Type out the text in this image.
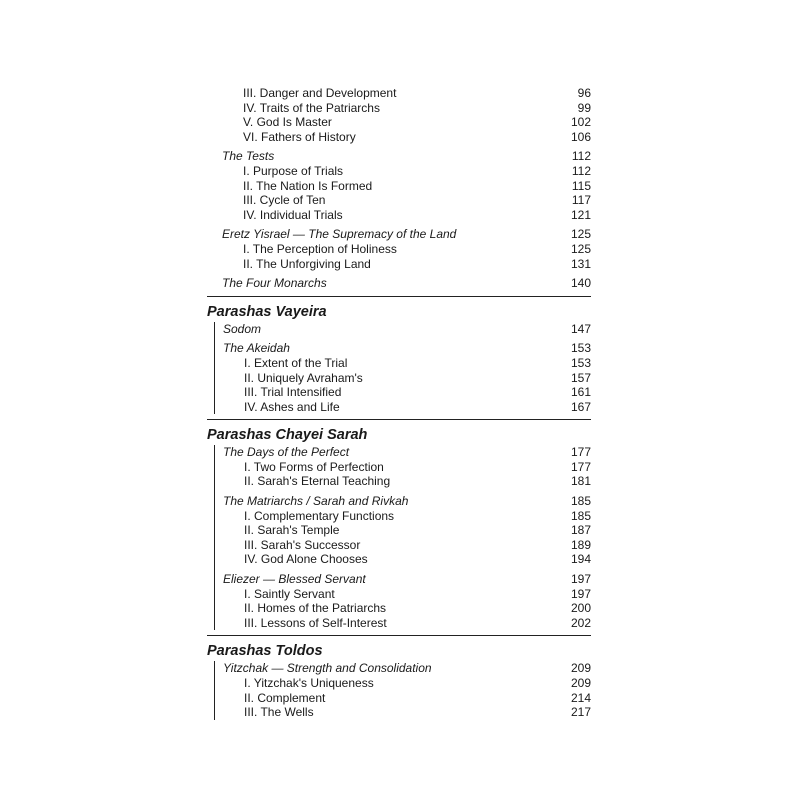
III. Danger and Development	96
IV. Traits of the Patriarchs	99
V. God Is Master	102
VI. Fathers of History	106
The Tests	112
I. Purpose of Trials	112
II. The Nation Is Formed	115
III. Cycle of Ten	117
IV. Individual Trials	121
Eretz Yisrael — The Supremacy of the Land	125
I. The Perception of Holiness	125
II. The Unforgiving Land	131
The Four Monarchs	140
Parashas Vayeira
Sodom	147
The Akeidah	153
I. Extent of the Trial	153
II. Uniquely Avraham's	157
III. Trial Intensified	161
IV. Ashes and Life	167
Parashas Chayei Sarah
The Days of the Perfect	177
I. Two Forms of Perfection	177
II. Sarah's Eternal Teaching	181
The Matriarchs / Sarah and Rivkah	185
I. Complementary Functions	185
II. Sarah's Temple	187
III. Sarah's Successor	189
IV. God Alone Chooses	194
Eliezer — Blessed Servant	197
I. Saintly Servant	197
II. Homes of the Patriarchs	200
III. Lessons of Self-Interest	202
Parashas Toldos
Yitzchak — Strength and Consolidation	209
I. Yitzchak's Uniqueness	209
II. Complement	214
III. The Wells	217
